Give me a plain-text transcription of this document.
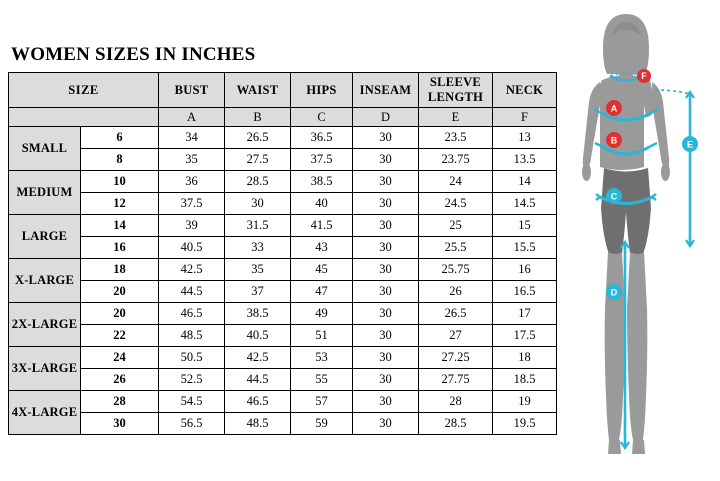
WOMEN SIZES IN INCHES
SIZE		BUST	WAIST	HIPS	INSEAM	SLEEVE LENGTH	NECK
		A	B	C	D	E	F
SMALL	6	34	26.5	36.5	30	23.5	13
	8	35	27.5	37.5	30	23.75	13.5
MEDIUM	10	36	28.5	38.5	30	24	14
	12	37.5	30	40	30	24.5	14.5
LARGE	14	39	31.5	41.5	30	25	15
	16	40.5	33	43	30	25.5	15.5
X-LARGE	18	42.5	35	45	30	25.75	16
	20	44.5	37	47	30	26	16.5
2X-LARGE	20	46.5	38.5	49	30	26.5	17
	22	48.5	40.5	51	30	27	17.5
3X-LARGE	24	50.5	42.5	53	30	27.25	18
	26	52.5	44.5	55	30	27.75	18.5
4X-LARGE	28	54.5	46.5	57	30	28	19
	30	56.5	48.5	59	30	28.5	19.5
B
A
C
D
E
F
